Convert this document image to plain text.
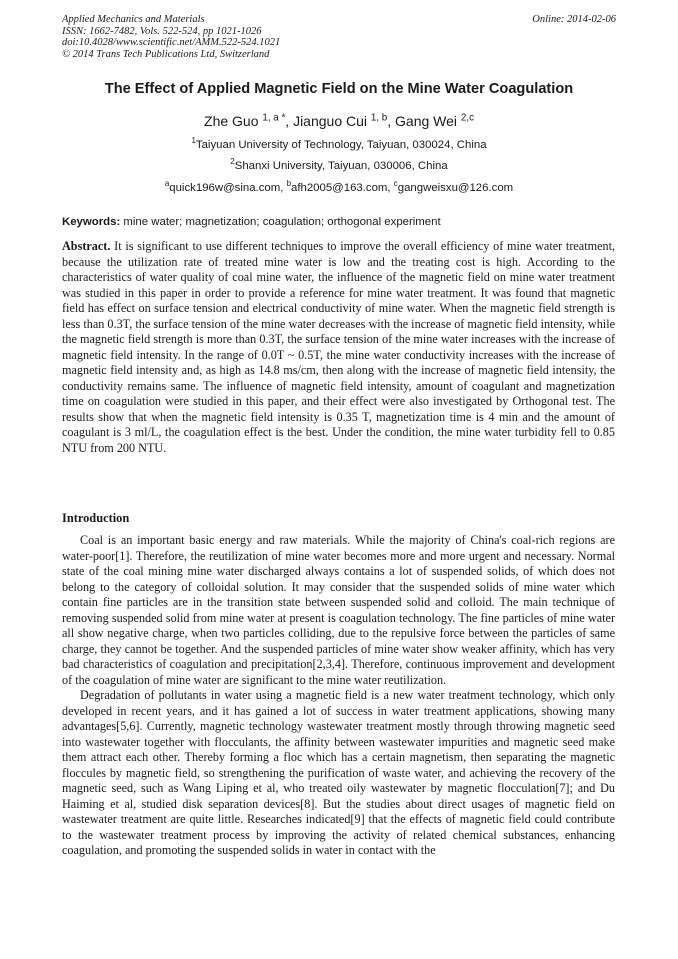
Applied Mechanics and Materials
ISSN: 1662-7482, Vols. 522-524, pp 1021-1026
doi:10.4028/www.scientific.net/AMM.522-524.1021
© 2014 Trans Tech Publications Ltd, Switzerland
Online: 2014-02-06
The Effect of Applied Magnetic Field on the Mine Water Coagulation
Zhe Guo $^{1, a *}$, Jianguo Cui $^{1, b}$, Gang Wei $^{2,c}$
$^1$Taiyuan University of Technology, Taiyuan, 030024, China
$^2$Shanxi University, Taiyuan, 030006, China
$^a$quick196w@sina.com, $^b$afh2005@163.com, $^c$gangweisxu@126.com
Keywords: mine water; magnetization; coagulation; orthogonal experiment

Abstract. It is significant to use different techniques to improve the overall efficiency of mine water treatment, because the utilization rate of treated mine water is low and the treating cost is high. According to the characteristics of water quality of coal mine water, the influence of the magnetic field on mine water treatment was studied in this paper in order to provide a reference for mine water treatment. It was found that magnetic field has effect on surface tension and electrical conductivity of mine water. When the magnetic field strength is less than 0.3T, the surface tension of the mine water decreases with the increase of magnetic field intensity, while the magnetic field strength is more than 0.3T, the surface tension of the mine water increases with the increase of magnetic field intensity. In the range of 0.0T ~ 0.5T, the mine water conductivity increases with the increase of magnetic field intensity and, as high as 14.8 ms/cm, then along with the increase of magnetic field intensity, the conductivity remains same. The influence of magnetic field intensity, amount of coagulant and magnetization time on coagulation were studied in this paper, and their effect were also investigated by Orthogonal test. The results show that when the magnetic field intensity is 0.35 T, magnetization time is 4 min and the amount of coagulant is 3 ml/L, the coagulation effect is the best. Under the condition, the mine water turbidity fell to 0.85 NTU from 200 NTU.

Introduction

Coal is an important basic energy and raw materials. While the majority of China's coal-rich regions are water-poor[1]. Therefore, the reutilization of mine water becomes more and more urgent and necessary. Normal state of the coal mining mine water discharged always contains a lot of suspended solids, of which does not belong to the category of colloidal solution. It may consider that the suspended solids of mine water which contain fine particles are in the transition state between suspended solid and colloid. The main technique of removing suspended solid from mine water at present is coagulation technology. The fine particles of mine water all show negative charge, when two particles colliding, due to the repulsive force between the particles of same charge, they cannot be together. And the suspended particles of mine water show weaker affinity, which has very bad characteristics of coagulation and precipitation[2,3,4]. Therefore, continuous improvement and development of the coagulation of mine water are significant to the mine water reutilization.

Degradation of pollutants in water using a magnetic field is a new water treatment technology, which only developed in recent years, and it has gained a lot of success in water treatment applications, showing many advantages[5,6]. Currently, magnetic technology wastewater treatment mostly through throwing magnetic seed into wastewater together with flocculants, the affinity between wastewater impurities and magnetic seed make them attract each other. Thereby forming a floc which has a certain magnetism, then separating the magnetic floccules by magnetic field, so strengthening the purification of waste water, and achieving the recovery of the magnetic seed, such as Wang Liping et al, who treated oily wastewater by magnetic flocculation[7]; and Du Haiming et al, studied disk separation devices[8]. But the studies about direct usages of magnetic field on wastewater treatment are quite little. Researches indicated[9] that the effects of magnetic field could contribute to the wastewater treatment process by improving the activity of related chemical substances, enhancing coagulation, and promoting the suspended solids in water in contact with the
